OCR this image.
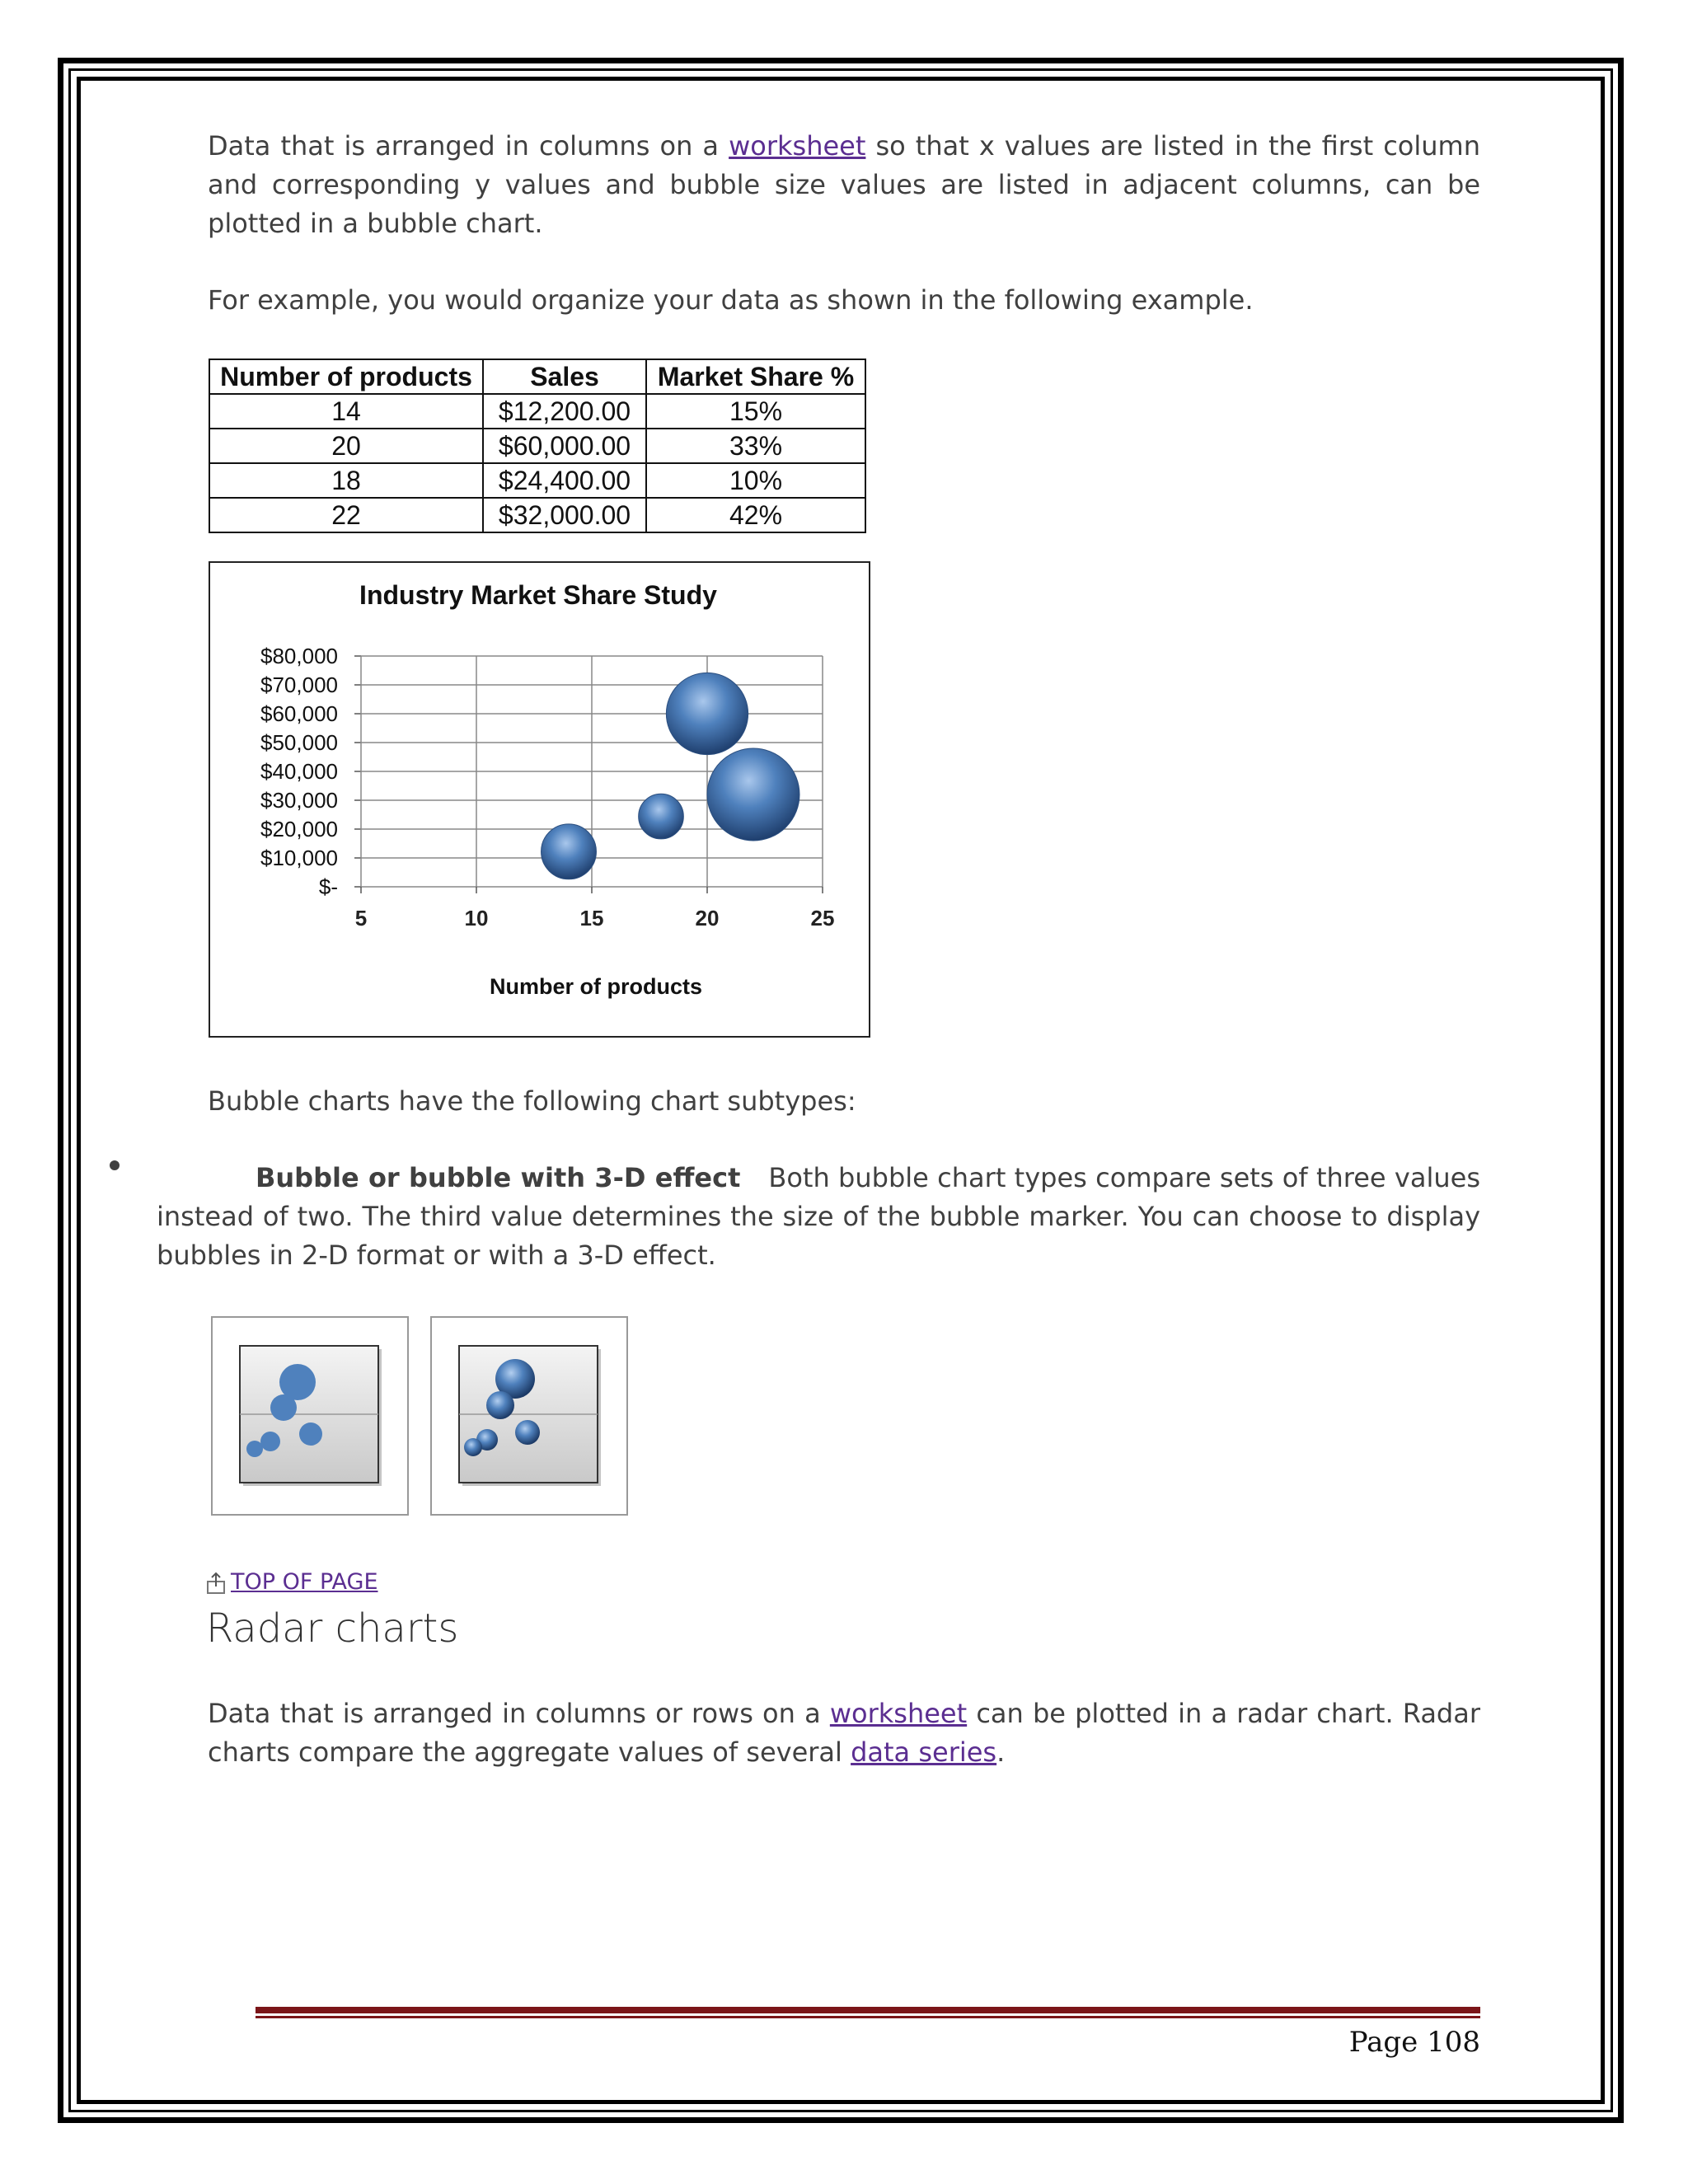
Data that is arranged in columns on a worksheet so that x values are listed in the first column and corresponding y values and bubble size values are listed in adjacent columns, can be plotted in a bubble chart.

For example, you would organize your data as shown in the following example.

Number of products	Sales	Market Share %
14	$12,200.00	15%
20	$60,000.00	33%
18	$24,400.00	10%
22	$32,000.00	42%
Industry Market Share Study
$-
$10,000
$20,000
$30,000
$40,000
$50,000
$60,000
$70,000
$80,000
5	10	15	20	25
Number of products

Bubble charts have the following chart subtypes:

Bubble or bubble with 3-D effect Both bubble chart types compare sets of three values instead of two. The third value determines the size of the bubble marker. You can choose to display bubbles in 2-D format or with a 3-D effect.

TOP OF PAGE
Radar charts

Data that is arranged in columns or rows on a worksheet can be plotted in a radar chart. Radar charts compare the aggregate values of several data series.

Page 108
